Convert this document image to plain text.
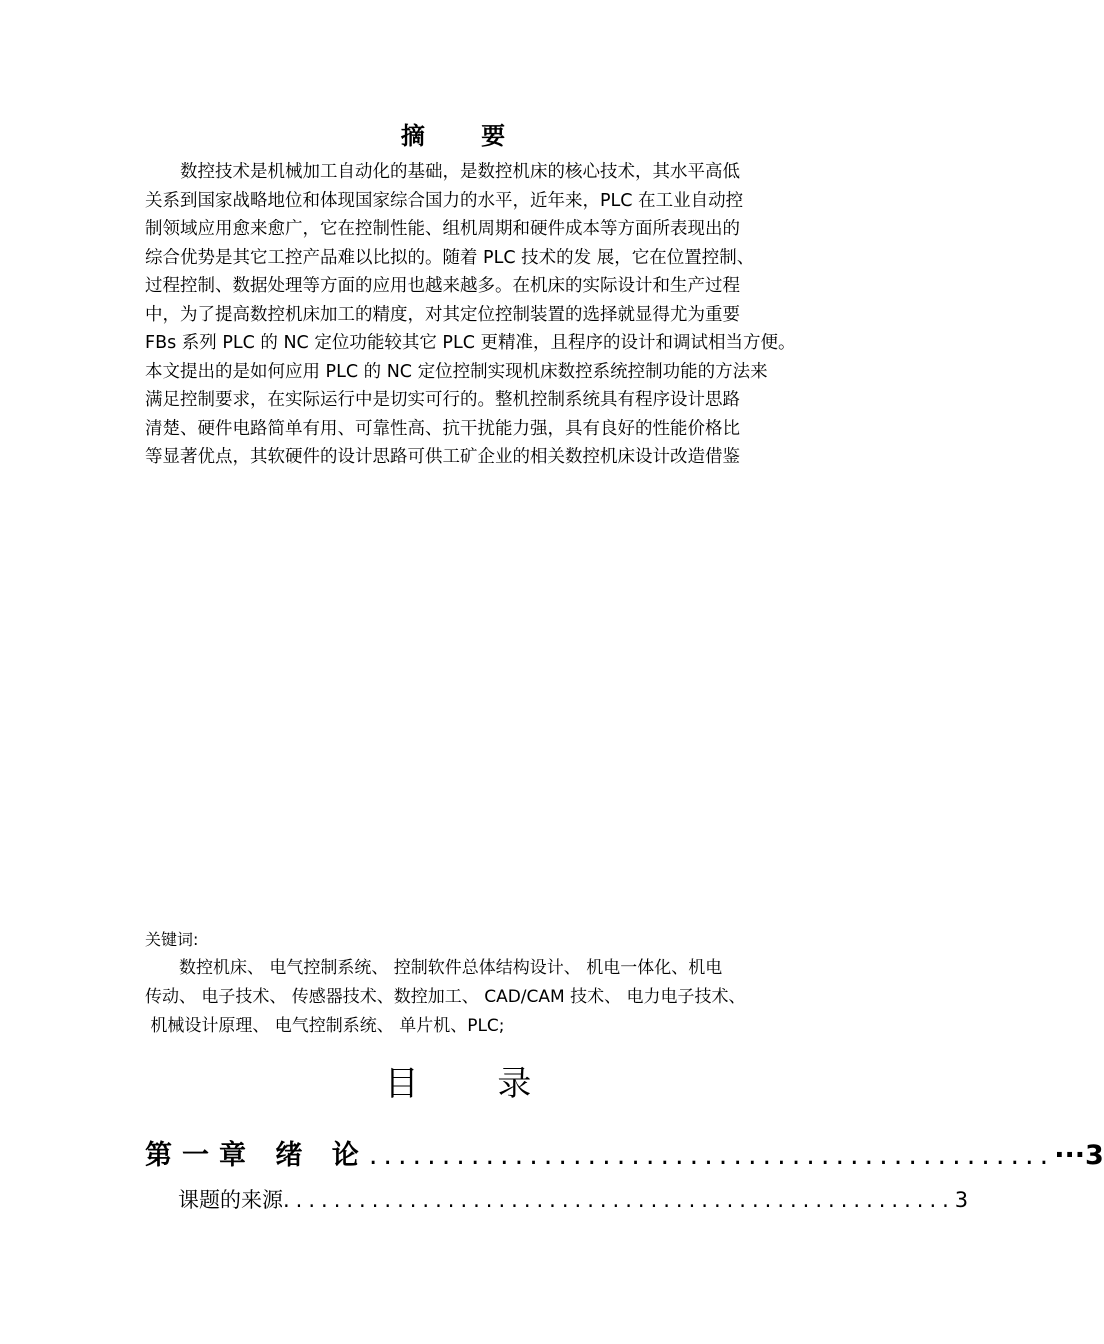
摘 要
　　数控技术是机械加工自动化的基础，是数控机床的核心技术，其水平高低
关系到国家战略地位和体现国家综合国力的水平，近年来，PLC 在工业自动控
制领域应用愈来愈广，它在控制性能、组机周期和硬件成本等方面所表现出的
综合优势是其它工控产品难以比拟的。随着 PLC 技术的发 展，它在位置控制、
过程控制、数据处理等方面的应用也越来越多。在机床的实际设计和生产过程
中，为了提高数控机床加工的精度，对其定位控制装置的选择就显得尤为重要
FBs 系列 PLC 的 NC 定位功能较其它 PLC 更精准，且程序的设计和调试相当方便。
本文提出的是如何应用 PLC 的 NC 定位控制实现机床数控系统控制功能的方法来
满足控制要求，在实际运行中是切实可行的。整机控制系统具有程序设计思路
清楚、硬件电路简单有用、可靠性高、抗干扰能力强，具有良好的性能价格比
等显著优点，其软硬件的设计思路可供工矿企业的相关数控机床设计改造借鉴
关键词:
　　数控机床、 电气控制系统、 控制软件总体结构设计、 机电一体化、机电
传动、 电子技术、 传感器技术、数控加工、 CAD/CAM 技术、 电力电子技术、
机械设计原理、 电气控制系统、 单片机、PLC;
目 录
第一章 绪 论 ............................................... ···3
课题的来源 ..................................................... 3
